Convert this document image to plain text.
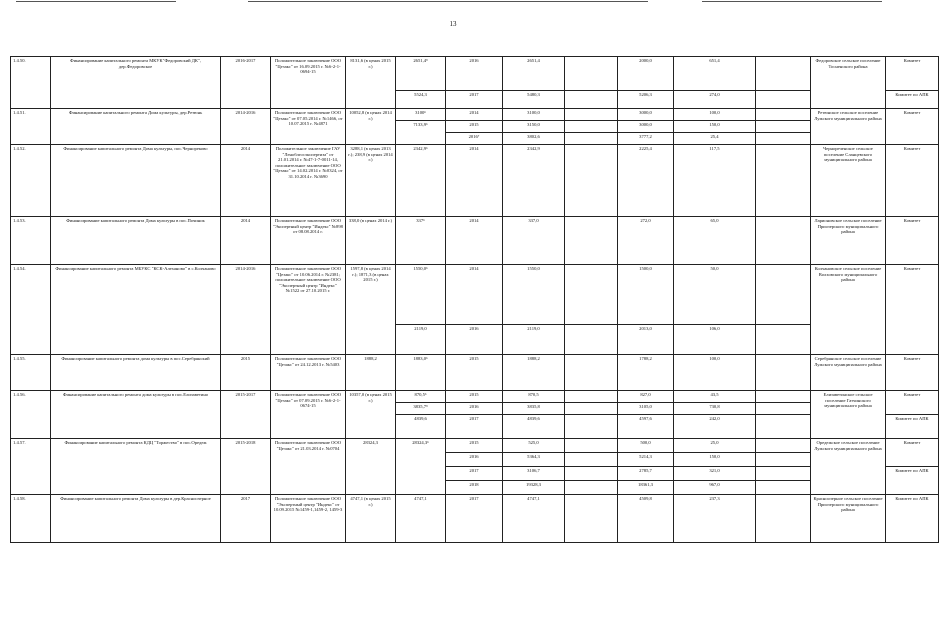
13
1.4.50.	Финансирование капитального ремонта МКУК"Федоровский ДК", дер.Федоровское	2016-2017	Положительное заключение ООО "Цезакс" от 16.09.2015 г. №6-2-1-0694-15	8131,6 (в ценах 2015 г.)	2651,4⁹	2016	2651,4		2000,0	651,4		Федоровское сельское поселение Тосненского района	Комитет
					5524,3	2017	5480,3		5206,3	274,0			Комитет по АПК
1.4.51.	Финансирование капитального ремонта Дома культуры, дер.Ретюнь	2014-2016	Положительное заключение ООО "Цезакс" от 07.05.2014 г. №1466, от 10.07.2015 г. №4871	10052,8 (в ценах 2014 г.)	3100⁶	2014	3100,0		3000,0	100,0		Ретюнское сельское поселение Лужского муниципального района	Комитет
					7133,9⁶	2015	3150,0		3000,0	150,0			
						2016⁷	3802,6		3777,2	25,4			
1.4.52.	Финансирование капитального ремонта Дома культуры, пос.Чернореково	2014	Положительное заключение ГАУ "Леноблгосэкспертиза" от 21.01.2014 г. №47-1-7-0011-14, положительное заключение ООО "Цезакс" от 14.02.2014 г. №0324, от 31.10.2014 г. №3690	3288,1 (в ценах 2013 г.); 238,9 (в ценах 2014 г.)	2342,9⁶	2014	2342,9		2225,4	117,5		Чернореченское сельское поселение Сланцевского муниципального района	Комитет
1.4.53.	Финансирование капитального ремонта Дома культуры в пос.Починок	2014	Положительное заключение ООО "Экспертный центр "Индекс" №898 от 08.08.2014 г.	338,0 (в ценах 2014 г.)	337⁶	2014	337,0		272,0	65,0		Ларионовское сельское поселение Приозерского муниципального района	Комитет
1.4.54.	Финансирование капитального ремонта МБУКС "КСК-Алеханово" в с.Колчаново	2014-2016	Положительное заключение ООО "Цезакс" от 10.06.2014 г. №2381; положительное заключение ООО "Экспертный центр "Индекс" №1522 от 27.10.2015 г.	1597,8 (в ценах 2014 г.); 1871,3 (в ценах 2015 г.)	1550,0⁶	2014	1550,0		1500,0	50,0		Колчановское сельское поселение Волховского муниципального района	Комитет
					2119,0	2016	2119,0		2013,0	106,0			
1.4.55.	Финансирование капитального ремонта дома культуры в пос.Серебрянский	2015	Положительное заключение ООО "Цезакс" от 24.12.2013 г. №5403	1888,2	1883,0⁶	2015	1888,2		1788,2	100,0		Серебрянское сельское поселение Лужского муниципального района	Комитет
1.4.56.	Финансирование капитального ремонта дома культуры в пос.Елизаветино	2015-2017	Положительное заключение ООО "Цезакс" от 07.09.2015 г. №6-2-1-0674-15	10357,0 (в ценах 2015 г.)	870,5⁶	2015	870,5		827,0	43,5		Елизаветинское сельское поселение Гатчинского муниципального района	Комитет
					3835,7⁹	2016	3835,8		3105,0	730,8			
					4839,6	2017	4839,6		4597,6	242,0			Комитет по АПК
1.4.57.	Финансирование капитального ремонта КДЦ "Торжество" в пос.Оредеж	2015-2018	Положительное заключение ООО "Цезакс" от 21.03.2014 г. №0704	28324,3	28324,3⁶	2015	525,0		500,0	25,0		Оредежское сельское поселение Лужского муниципального района	Комитет
						2016	5364,3		5214,3	150,0			
						2017	3106,7		2785,7	321,0			Комитет по АПК
						2018	19328,3		18361,3	967,0			
1.4.58.	Финансирование капитального ремонта Дома культуры в дер.Красноозерное	2017	Положительное заключение ООО "Экспертный центр "Индекс" от 10.09.2015 №1459-1,1459-2, 1459-3	4747,1 (в ценах 2015 г.)	4747,1	2017	4747,1		4509,8	237,3		Красноозерное сельское поселение Приозерского муниципального района	Комитет по АПК
